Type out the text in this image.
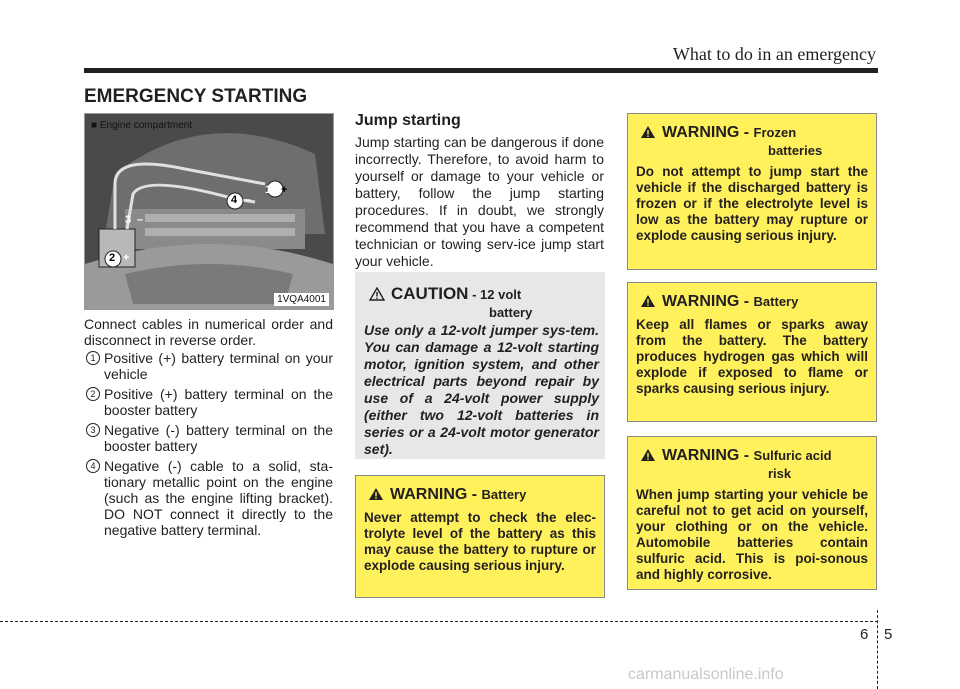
What to do in an emergency
EMERGENCY STARTING
■ Engine compartment
1 +
4 –
3 –
2 +
1VQA4001
Connect cables in numerical order and disconnect in reverse order.
1 Positive (+) battery terminal on your vehicle
2 Positive (+) battery terminal on the booster battery
3 Negative (-) battery terminal on the booster battery
4 Negative (-) cable to a solid, sta-tionary metallic point on the engine (such as the engine lifting bracket). DO NOT connect it directly to the negative battery terminal.
Jump starting
Jump starting can be dangerous if done incorrectly. Therefore, to avoid harm to yourself or damage to your vehicle or battery, follow the jump starting procedures. If in doubt, we strongly recommend that you have a competent technician or towing serv-ice jump start your vehicle.
CAUTION - 12 volt
battery
Use only a 12-volt jumper sys-tem. You can damage a 12-volt starting motor, ignition system, and other electrical parts beyond repair by use of a 24-volt power supply (either two 12-volt batteries in series or a 24-volt motor generator set).
WARNING - Battery
Never attempt to check the elec-trolyte level of the battery as this may cause the battery to rupture or explode causing serious injury.
WARNING - Frozen
batteries
Do not attempt to jump start the vehicle if the discharged battery is frozen or if the electrolyte level is low as the battery may rupture or explode causing serious injury.
WARNING - Battery
Keep all flames or sparks away from the battery. The battery produces hydrogen gas which will explode if exposed to flame or sparks causing serious injury.
WARNING - Sulfuric acid
risk
When jump starting your vehicle be careful not to get acid on yourself, your clothing or on the vehicle. Automobile batteries contain sulfuric acid. This is poi-sonous and highly corrosive.
6 5
carmanualsonline.info
